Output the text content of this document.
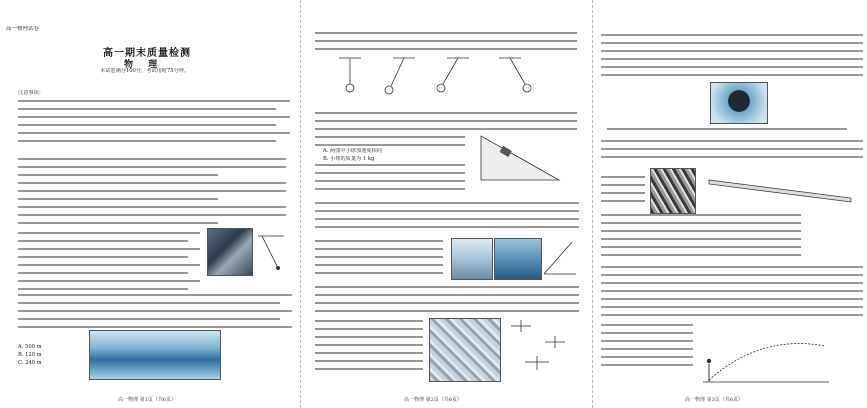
高一物理试卷
高一期末质量检测
物 理
本试卷满分100分，考试用时75分钟。
注意事项：
A. 500 m
B. 120 m
C. 240 m
高一物理 第1页（共6页）
A. 两图中小球加速度相同
B. 小球的质量为 1 kg
高一物理 第2页（共6页）	高一物理 第3页（共6页）
